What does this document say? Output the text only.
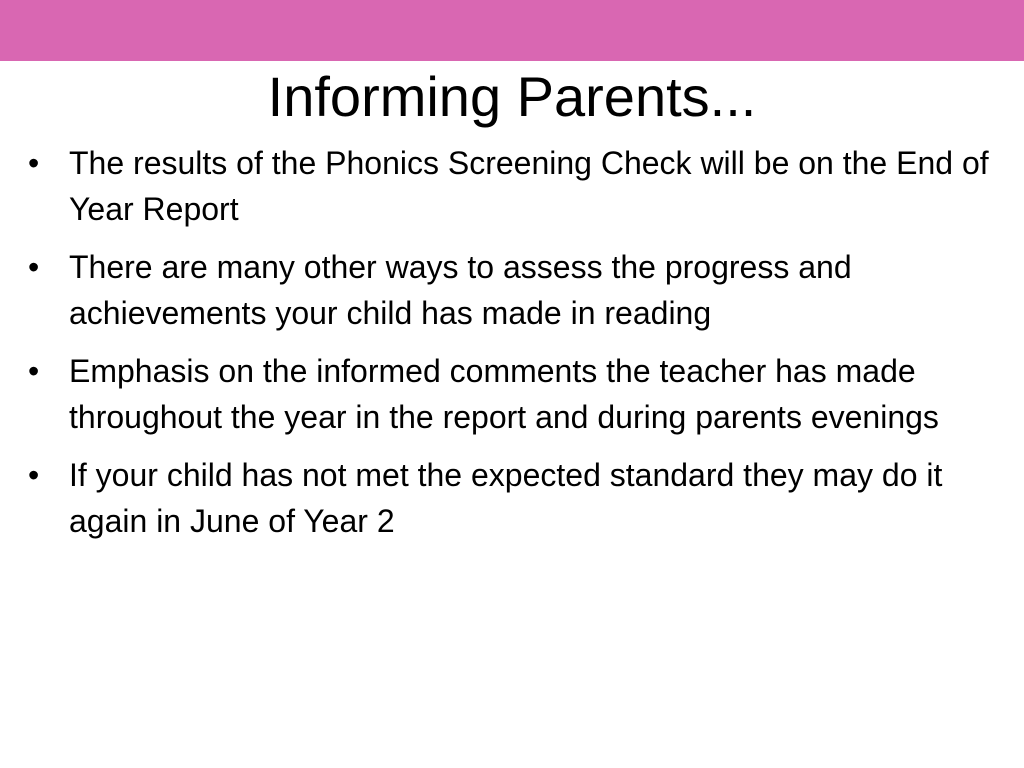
Informing Parents...
• The results of the Phonics Screening Check will be on the End of Year Report
• There are many other ways to assess the progress and achievements your child has made in reading
• Emphasis on the informed comments the teacher has made throughout the year in the report and during parents evenings
• If your child has not met the expected standard they may do it again in June of Year 2
